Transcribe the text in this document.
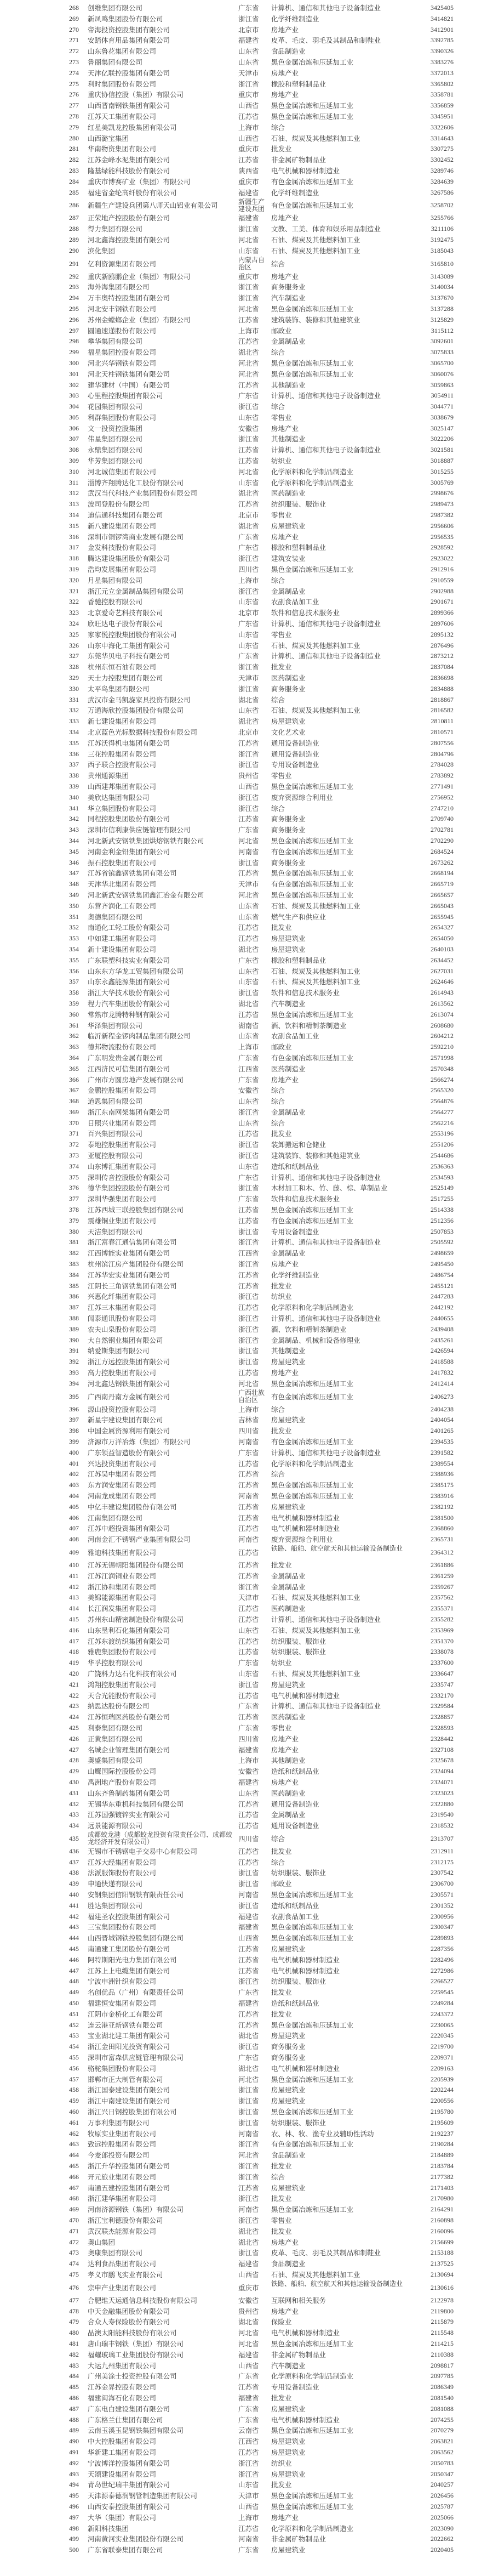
268	创维集团有限公司	广东省	计算机、通信和其他电子设备制造业	3425405
269	新凤鸣集团股份有限公司	浙江省	化学纤维制造业	3414821
270	帝海投资控股集团有限公司	北京市	房地产业	3412901
271	安踏体育用品集团有限公司	福建省	皮革、毛皮、羽毛及其制品和制鞋业	3392785
272	山东鲁花集团有限公司	山东省	食品制造业	3390326
273	鲁丽集团有限公司	山东省	黑色金属冶炼和压延加工业	3383276
274	天津亿联控股集团有限公司	天津市	房地产业	3372013
275	利时集团股份有限公司	浙江省	橡胶和塑料制品业	3365802
276	重庆协信控股（集团）有限公司	重庆市	房地产业	3358781
277	山西晋南钢铁集团有限公司	山西省	黑色金属冶炼和压延加工业	3356859
278	江苏天工集团有限公司	江苏省	黑色金属冶炼和压延加工业	3345951
279	红星美凯龙控股集团有限公司	上海市	综合	3322606
280	山西潞宝集团	山西省	石油、煤炭及其他燃料加工业	3314643
281	华南物资集团有限公司	重庆市	批发业	3307275
282	江苏金峰水泥集团有限公司	江苏省	非金属矿物制品业	3302452
283	隆基绿能科技股份有限公司	陕西省	电气机械和器材制造业	3289746
284	重庆市博赛矿业（集团）有限公司	重庆市	有色金属冶炼和压延加工业	3284639
285	福建省金纶高纤股份有限公司	福建省	化学纤维制造业	3267586
286	新疆生产建设兵团第八师天山铝业有限公司	新疆生产建设兵团 有色金属冶炼和压延加工业	3258702
287	正荣地产控股股份有限公司	福建省	房地产业	3255766
288	得力集团有限公司	浙江省	文教、工美、体育和娱乐用品制造业	3211106
289	河北鑫海控股集团有限公司	河北省	石油、煤炭及其他燃料加工业	3192475
290	滨化集团	山东省	石油、煤炭及其他燃料加工业	3185043
291	亿利资源集团有限公司	内蒙古自治区	综合	3165810
292	重庆新鸥鹏企业（集团）有限公司	重庆市	房地产业	3143089
293	海外海集团有限公司	浙江省	商务服务业	3140034
294	万丰奥特控股集团有限公司	浙江省	汽车制造业	3137670
295	河北安丰钢铁有限公司	河北省	黑色金属冶炼和压延加工业	3137288
296	苏州金螳螂企业（集团）有限公司	江苏省	建筑装饰、装修和其他建筑业	3125829
297	圆通速递股份有限公司	上海市	邮政业	3115112
298	攀华集团有限公司	江苏省	金属制品业	3092601
299	福星集团控股有限公司	湖北省	综合	3075833
300	河北兴华钢铁有限公司	河北省	黑色金属冶炼和压延加工业	3065700
301	河北天柱钢铁集团有限公司	河北省	黑色金属冶炼和压延加工业	3060076
302	建华建材（中国）有限公司	江苏省	其他制造业	3059863
303	心里程控股集团有限公司	广东省	计算机、通信和其他电子设备制造业	3054911
304	花园集团有限公司	浙江省	综合	3044771
305	利群集团股份有限公司	山东省	零售业	3038679
306	文一投资控股集团	安徽省	房地产业	3025147
307	伟星集团有限公司	浙江省	其他制造业	3022206
308	永鼎集团有限公司	江苏省	计算机、通信和其他电子设备制造业	3021581
309	华芳集团有限公司	江苏省	纺织业	3018887
310	河北诚信集团有限公司	河北省	化学原料和化学制品制造业	3015255
311	淄博齐翔腾达化工股份有限公司	山东省	化学原料和化学制品制造业	3005769
312	武汉当代科技产业集团股份有限公司	湖北省	医药制造业	2998676
313	波司登股份有限公司	江苏省	纺织服装、服饰业	2989473
314	迪信通科技集团有限公司	北京市	零售业	2987382
315	新八建设集团有限公司	湖北省	房屋建筑业	2956606
316	深圳市铜锣湾商业发展有限公司	广东省	房地产业	2956535
317	金发科技股份有限公司	广东省	橡胶和塑料制品业	2928592
318	腾达建设集团股份有限公司	浙江省	建筑安装业	2923022
319	浩均发展集团有限公司	四川省	黑色金属冶炼和压延加工业	2912916
320	月星集团有限公司	上海市	综合	2910559
321	浙江元立金属制品集团有限公司	浙江省	金属制品业	2902988
322	香驰控股有限公司	山东省	农副食品加工业	2901671
323	北京爱奇艺科技有限公司	北京市	软件和信息技术服务业	2899366
324	欣旺达电子股份有限公司	广东省	计算机、通信和其他电子设备制造业	2897606
325	家家悦控股集团股份有限公司	山东省	零售业	2895132
326	山东中海化工集团有限公司	山东省	石油、煤炭及其他燃料加工业	2876496
327	东莞华贝电子科技有限公司	广东省	计算机、通信和其他电子设备制造业	2873212
328	杭州东恒石油有限公司	浙江省	批发业	2837084
329	天士力控股集团有限公司	天津市	医药制造业	2836698
330	太平鸟集团有限公司	浙江省	商务服务业	2834888
331	武汉市金马凯旋家具投资有限公司	湖北省	综合	2818867
332	万通海欣控股集团股份有限公司	山东省	石油、煤炭及其他燃料加工业	2816582
333	新七建设集团有限公司	湖北省	房屋建筑业	2810811
334	北京蓝色光标数据科技股份有限公司	北京市	文化艺术业	2810571
335	江苏沃得机电集团有限公司	江苏省	通用设备制造业	2807556
336	三花控股集团有限公司	浙江省	通用设备制造业	2804796
337	西子联合控股有限公司	浙江省	专用设备制造业	2784028
338	贵州通源集团	贵州省	零售业	2783892
339	山西建邦集团有限公司	山西省	黑色金属冶炼和压延加工业	2771491
340	美欣达集团有限公司	浙江省	废弃资源综合利用业	2756952
341	华立集团股份有限公司	浙江省	综合	2747210
342	同程控股集团股份有限公司	江苏省	商务服务业	2709740
343	深圳市信利康供应链管理有限公司	广东省	商务服务业	2702781
344	河北新武安钢铁集团烘熔钢铁有限公司	河北省	黑色金属冶炼和压延加工业	2702290
345	河南金利金铅集团有限公司	河南省	有色金属冶炼和压延加工业	2684524
346	振石控股集团有限公司	浙江省	商务服务业	2673262
347	江苏省镔鑫钢铁集团有限公司	江苏省	黑色金属冶炼和压延加工业	2668194
348	天津华北集团有限公司	天津市	有色金属冶炼和压延加工业	2665719
349	河北新武安钢铁集团鑫汇冶金有限公司	河北省	黑色金属冶炼和压延加工业	2665657
350	东营齐润化工有限公司	山东省	石油、煤炭及其他燃料加工业	2665043
351	奥德集团有限公司	山东省	燃气生产和供应业	2655945
352	南通化工轻工股份有限公司	江苏省	批发业	2654327
353	中如建工集团有限公司	江苏省	房屋建筑业	2654050
354	新十建设集团有限公司	湖北省	房屋建筑业	2640103
355	广东联塑科技实业有限公司	广东省	橡胶和塑料制品业	2634452
356	山东东方华龙工贸集团有限公司	山东省	石油、煤炭及其他燃料加工业	2627031
357	山东永鑫能源集团有限公司	山东省	石油、煤炭及其他燃料加工业	2624646
358	浙江大华技术股份有限公司	浙江省	软件和信息技术服务业	2614943
359	程力汽车集团股份有限公司	湖北省	汽车制造业	2613562
360	常熟市龙腾特种钢有限公司	江苏省	黑色金属冶炼和压延加工业	2613074
361	华泽集团有限公司	湖南省	酒、饮料和精制茶制造业	2608680
362	临沂新程金锣肉制品集团有限公司	山东省	农副食品加工业	2604212
363	德邦物流股份有限公司	上海市	邮政业	2592210
364	广东明发贵金属有限公司	广东省	有色金属冶炼和压延加工业	2571998
365	江西济民可信集团有限公司	江西省	医药制造业	2570348
366	广州市方圆房地产发展有限公司	广东省	房地产业	2566274
367	金鹏控股集团有限公司	安徽省	综合	2565320
368	道恩集团有限公司	山东省	综合	2564876
369	浙江东南网架集团有限公司	浙江省	金属制品业	2564277
370	日照兴业集团有限公司	山东省	综合	2562216
371	百兴集团有限公司	江苏省	批发业	2553196
372	泰地控股集团有限公司	浙江省	装卸搬运和仓储业	2551206
373	亚厦控股有限公司	浙江省	建筑装饰、装修和其他建筑业	2544686
374	山东博汇集团有限公司	山东省	造纸和纸制品业	2536363
375	深圳传音控股股份有限公司	广东省	计算机、通信和其他电子设备制造业	2534593
376	德华集团控股股份有限公司	浙江省	木材加工和木、竹、藤、棕、草制品业	2525149
377	深圳华强集团有限公司	广东省	软件和信息技术服务业	2517255
378	江苏西城三联控股集团有限公司	江苏省	黑色金属冶炼和压延加工业	2514338
379	震雄铜业集团有限公司	江苏省	有色金属冶炼和压延加工业	2512356
380	天洁集团有限公司	浙江省	专用设备制造业	2507853
381	浙江富春江通信集团有限公司	浙江省	计算机、通信和其他电子设备制造业	2505592
382	江西博能实业集团有限公司	江西省	金属制品业	2498659
383	杭州滨江房产集团股份有限公司	浙江省	房地产业	2495450
384	江苏华宏实业集团有限公司	江苏省	化学纤维制造业	2486754
385	江阴长三角钢铁集团有限公司	江苏省	批发业	2455121
386	兴惠化纤集团有限公司	浙江省	纺织业	2447283
387	江苏三木集团有限公司	江苏省	化学原料和化学制品制造业	2442192
388	闻泰通讯股份有限公司	浙江省	计算机、通信和其他电子设备制造业	2440655
389	农夫山泉股份有限公司	浙江省	酒、饮料和精制茶制造业	2439408
390	大自然钢业集团有限公司	浙江省	金属制品、机械和设备修理业	2435261
391	纳爱斯集团有限公司	浙江省	其他制造业	2426594
392	浙江方远控股集团有限公司	浙江省	房屋建筑业	2418588
393	高力控股集团有限公司	江苏省	房地产业	2417832
394	河北鑫达钢铁集团有限公司	河北省	黑色金属冶炼和压延加工业	2412414
395	广西南丹南方金属有限公司	广西壮族自治区	有色金属冶炼和压延加工业	2406273
396	源山投资控股有限公司	上海市	综合	2404238
397	新星宇建设集团有限公司	吉林省	房屋建筑业	2404054
398	中国金属资源利用有限公司	四川省	批发业	2401265
399	济源市万洋冶炼（集团）有限公司	河南省	有色金属冶炼和压延加工业	2394535
400	广东领益智造股份有限公司	广东省	计算机、通信和其他电子设备制造业	2391582
401	兴达投资集团有限公司	江苏省	化学原料和化学制品制造业	2389554
402	江苏吴中集团有限公司	江苏省	综合	2388936
403	东方润安集团有限公司	江苏省	黑色金属冶炼和压延加工业	2385175
404	河南龙成集团有限公司	河南省	黑色金属冶炼和压延加工业	2383916
405	中亿丰建设集团股份有限公司	江苏省	房屋建筑业	2382192
406	江南集团有限公司	江苏省	电气机械和器材制造业	2381500
407	江苏中超投资集团有限公司	江苏省	电气机械和器材制造业	2368860
408	河南金汇不锈钢产业集团有限公司	河南省	废弃资源综合利用业	2365731
409	雅迪科技集团有限公司	江苏省	铁路、船舶、航空航天和其他运输设备制造业	2364312
410	江苏无锡朝阳集团股份有限公司	江苏省	批发业	2361886
411	江苏江润铜业有限公司	江苏省	金属制品业	2361259
412	浙江协和集团有限公司	浙江省	金属制品业	2359267
413	美锦能源集团有限公司	天津市	石油、煤炭及其他燃料加工业	2357562
414	长江润发集团有限公司	江苏省	医药制造业	2355371
415	苏州东山精密制造股份有限公司	江苏省	计算机、通信和其他电子设备制造业	2355282
416	山东垦利石化集团有限公司	山东省	石油、煤炭及其他燃料加工业	2353969
417	江苏东渡纺织集团有限公司	江苏省	纺织服装、服饰业	2351370
418	雅鹿集团股份有限公司	江苏省	纺织服装、服饰业	2338078
419	华孚控股有限公司	广东省	纺织业	2337600
420	广饶科力达石化科技有限公司	山东省	石油、煤炭及其他燃料加工业	2336647
421	鸿翔控股集团有限公司	浙江省	房屋建筑业	2335747
422	天合光能股份有限公司	江苏省	电气机械和器材制造业	2332170
423	纳思达股份有限公司	广东省	计算机、通信和其他电子设备制造业	2329584
424	江苏恒瑞医药股份有限公司	江苏省	医药制造业	2328857
425	利泰集团有限公司	广东省	零售业	2328593
426	正黄集团有限公司	四川省	房地产业	2328442
427	名城企业管理集团有限公司	福建省	房地产业	2327108
428	奥盛集团有限公司	上海市	其他制造业	2325678
429	山鹰国际控股股份公司	安徽省	造纸和纸制品业	2324094
430	禹洲地产股份有限公司	福建省	房地产业	2324071
431	山东齐鲁制药集团有限公司	山东省	医药制造业	2323023
432	无锡华东重机科技集团有限公司	江苏省	通用设备制造业	2322880
433	江苏国强镀锌实业有限公司	江苏省	金属制品业	2319540
434	远景能源有限公司	江苏省	通用设备制造业	2318532
435	成都蛟龙港（成都蛟龙投资有限责任公司、成都蛟龙经济开发有限公司）	四川省	综合	2313707
436	无锡市不锈钢电子交易中心有限公司	江苏省	批发业	2312911
437	江苏大经集团有限公司	江苏省	综合	2312175
438	法派服饰股份有限公司	浙江省	纺织服装、服饰业	2307542
439	申通快递有限公司	浙江省	邮政业	2306700
440	安钢集团信阳钢铁有限责任公司	河南省	黑色金属冶炼和压延加工业	2305571
441	胜达集团有限公司	浙江省	造纸和纸制品业	2301352
442	福建圣农控股集团有限公司	福建省	农副食品加工业	2300956
443	三宝集团股份有限公司	福建省	黑色金属冶炼和压延加工业	2300347
444	山西晋城钢铁控股集团有限公司	山西省	黑色金属冶炼和压延加工业	2289893
445	南通建工集团股份有限公司	江苏省	房屋建筑业	2287356
446	阿特斯阳光电力集团有限公司	江苏省	电气机械和器材制造业	2282496
447	江苏上上电缆集团有限公司	江苏省	电气机械和器材制造业	2272986
448	宁波申洲针织有限公司	浙江省	纺织服装、服饰业	2266527
449	名创优品（广州）有限责任公司	广东省	批发业	2259545
450	福建恒安集团有限公司	福建省	造纸和纸制品业	2249284
451	江阴市金桥化工有限公司	江苏省	批发业	2243372
452	连云港亚新钢铁有限公司	江苏省	黑色金属冶炼和压延加工业	2230065
453	宝业湖北建工集团有限公司	湖北省	房屋建筑业	2220345
454	浙江金田阳光投资有限公司	浙江省	商务服务业	2219700
455	深圳市富森供应链管理有限公司	广东省	商务服务业	2209371
456	骆驼集团股份有限公司	湖北省	电气机械和器材制造业	2209163
457	邯郸市正大制管有限公司	河北省	黑色金属冶炼和压延加工业	2205939
458	浙江国泰建设集团有限公司	浙江省	房屋建筑业	2202244
459	浙江中南建设集团有限公司	浙江省	房屋建筑业	2200556
460	浙江兴日钢控股集团有限公司	浙江省	黑色金属冶炼和压延加工业	2195780
461	万事利集团有限公司	浙江省	纺织服装、服饰业	2195609
462	牧原实业集团有限公司	河南省	农、林、牧、渔专业及辅助性活动	2192237
463	致远控股集团有限公司	浙江省	有色金属冶炼和压延加工业	2190284
464	今麦郎投资有限公司	河北省	食品制造业	2184889
465	浙江升华控股集团有限公司	浙江省	批发业	2183784
466	开元旅业集团有限公司	浙江省	综合	2177382
467	南通五建控股集团有限公司	江苏省	房屋建筑业	2171403
468	浙江建华集团有限公司	浙江省	批发业	2170980
469	河南济源钢铁（集团）有限公司	河南省	黑色金属冶炼和压延加工业	2164291
470	浙江宝利德股份有限公司	浙江省	零售业	2160898
471	武汉联杰能源有限公司	湖北省	批发业	2160096
472	奥山集团	湖北省	房地产业	2156699
473	奥康集团有限公司	浙江省	皮革、毛皮、羽毛及其制品和制鞋业	2153188
474	达利食品集团有限公司	福建省	食品制造业	2137525
475	孝义市鹏飞实业有限公司	山西省	石油、煤炭及其他燃料加工业	2130694
476	宗申产业集团有限公司	重庆市	铁路、船舶、航空航天和其他运输设备制造业	2130616
477	合肥维天运通信息科技股份有限公司	安徽省	互联网和相关服务	2122978
478	中天金融集团股份有限公司	贵州省	房地产业	2119800
479	合众人寿保险股份有限公司	湖北省	保险业	2115879
480	晶澳太阳能科技股份有限公司	河北省	电气机械和器材制造业	2115548
481	唐山瑞丰钢铁（集团）有限公司	河北省	黑色金属冶炼和压延加工业	2114215
482	福耀玻璃工业集团股份有限公司	福建省	非金属矿物制品业	2110388
483	大运九州集团有限公司	山西省	汽车制造业	2098817
484	广州美涂士投资控股有限公司	广东省	化学原料和化学制品制造业	2097785
485	江苏金昇控股有限公司	江苏省	专用设备制造业	2086349
486	福建闽海石化有限公司	福建省	批发业	2081540
487	广东电白建设集团有限公司	广东省	房屋建筑业	2081088
488	广东格兰仕集团有限公司	广东省	电气机械和器材制造业	2074255
489	云南玉溪玉昆钢铁集团有限公司	云南省	黑色金属冶炼和压延加工业	2070279
490	中大控股集团有限公司	江西省	房屋建筑业	2063821
491	华新建工集团有限公司	江苏省	房屋建筑业	2063562
492	宁波博洋控股集团有限公司	浙江省	纺织业	2050783
493	天颂建设集团有限公司	浙江省	房屋建筑业	2050347
494	青岛世纪瑞丰集团有限公司	山东省	批发业	2040257
495	天津源泰德润钢管制造集团有限公司	天津市	黑色金属冶炼和压延加工业	2026456
496	山西安泰控股集团有限公司	山西省	黑色金属冶炼和压延加工业	2025787
497	大华（集团）有限公司	上海市	房地产业	2025066
498	新阳科技集团	江苏省	化学原料和化学制品制造业	2023090
499	河南黄河实业集团股份有限公司	河南省	非金属矿物制品业	2022662
500	广东省联泰集团有限公司	广东省	房屋建筑业	2020405
